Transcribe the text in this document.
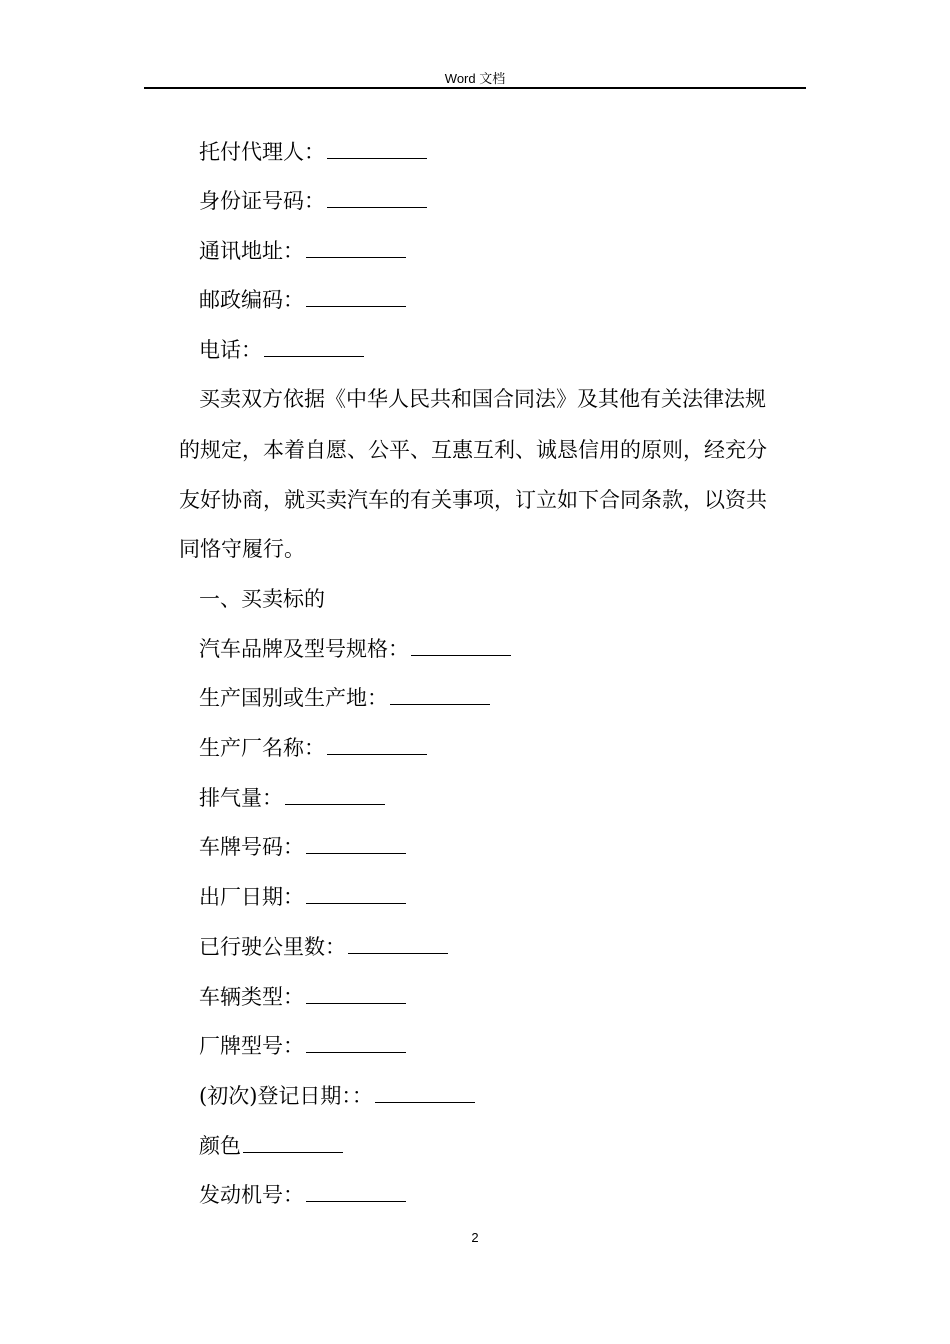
Word 文档
托付代理人：
身份证号码：
通讯地址：
邮政编码：
电话：
买卖双方依据《中华人民共和国合同法》及其他有关法律法规
的规定，本着自愿、公平、互惠互利、诚恳信用的原则，经充分
友好协商，就买卖汽车的有关事项，订立如下合同条款，以资共
同恪守履行。
一、买卖标的
汽车品牌及型号规格：
生产国别或生产地：
生产厂名称：
排气量：
车牌号码：
出厂日期：
已行驶公里数：
车辆类型：
厂牌型号：
(初次)登记日期：：
颜色
发动机号：
2
